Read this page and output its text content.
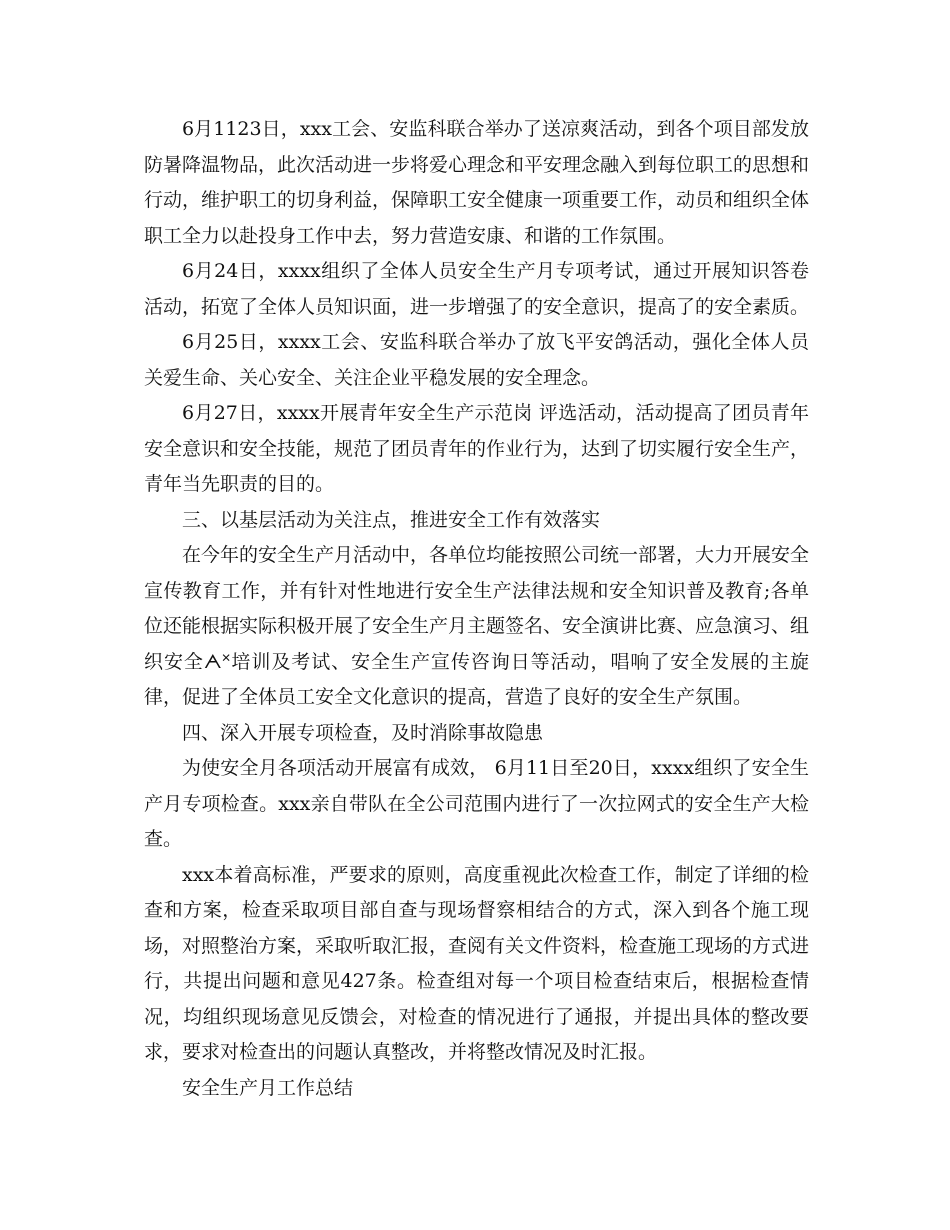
6月1123日，xxx工会、安监科联合举办了送凉爽活动，到各个项目部发放防暑降温物品，此次活动进一步将爱心理念和平安理念融入到每位职工的思想和行动，维护职工的切身利益，保障职工安全健康一项重要工作，动员和组织全体职工全力以赴投身工作中去，努力营造安康、和谐的工作氛围。

6月24日，xxxx组织了全体人员安全生产月专项考试，通过开展知识答卷活动，拓宽了全体人员知识面，进一步增强了的安全意识，提高了的安全素质。

6月25日，xxxx工会、安监科联合举办了放飞平安鸽活动，强化全体人员关爱生命、关心安全、关注企业平稳发展的安全理念。

6月27日，xxxx开展青年安全生产示范岗 评选活动，活动提高了团员青年安全意识和安全技能，规范了团员青年的作业行为，达到了切实履行安全生产，青年当先职责的目的。

三、以基层活动为关注点，推进安全工作有效落实

在今年的安全生产月活动中，各单位均能按照公司统一部署，大力开展安全宣传教育工作，并有针对性地进行安全生产法律法规和安全知识普及教育;各单位还能根据实际积极开展了安全生产月主题签名、安全演讲比赛、应急演习、组织安全ᗅᕁ培训及考试、安全生产宣传咨询日等活动，唱响了安全发展的主旋律，促进了全体员工安全文化意识的提高，营造了良好的安全生产氛围。

四、深入开展专项检查，及时消除事故隐患

为使安全月各项活动开展富有成效， 6月11日至20日，xxxx组织了安全生产月专项检查。xxx亲自带队在全公司范围内进行了一次拉网式的安全生产大检查。

xxx本着高标准，严要求的原则，高度重视此次检查工作，制定了详细的检查和方案，检查采取项目部自查与现场督察相结合的方式，深入到各个施工现场，对照整治方案，采取听取汇报，查阅有关文件资料，检查施工现场的方式进行，共提出问题和意见427条。检查组对每一个项目检查结束后，根据检查情况，均组织现场意见反馈会，对检查的情况进行了通报，并提出具体的整改要求，要求对检查出的问题认真整改，并将整改情况及时汇报。

安全生产月工作总结
